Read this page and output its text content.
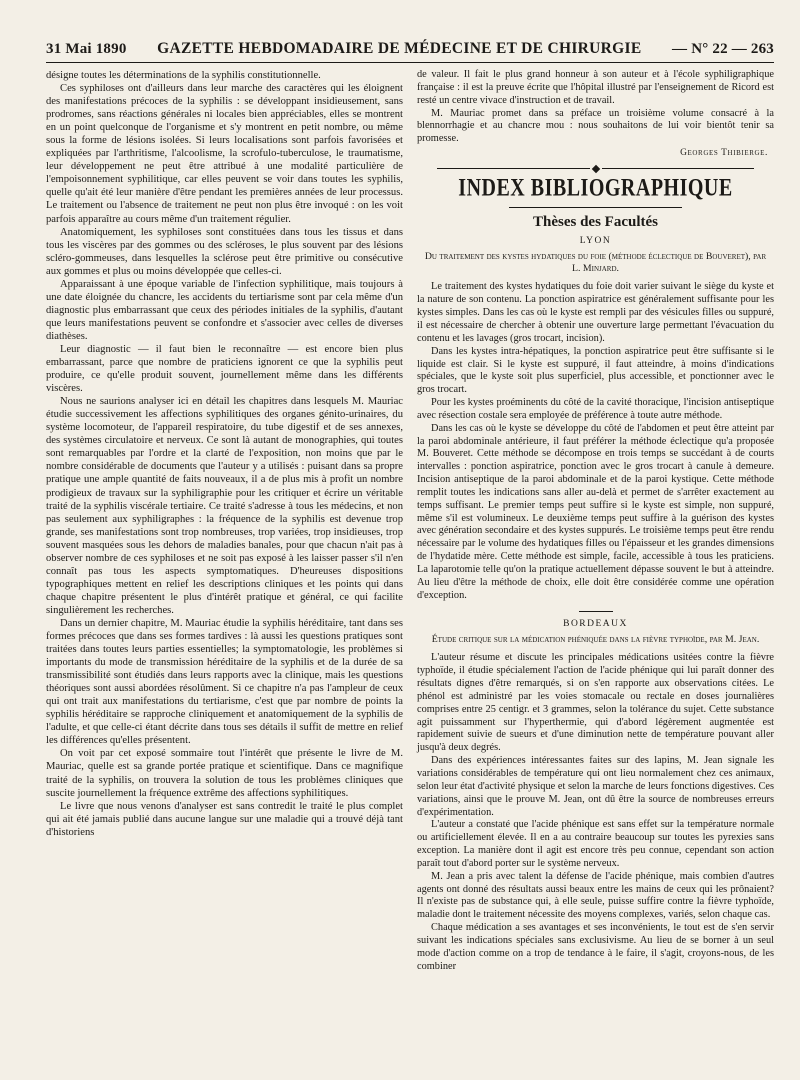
31 Mai 1890 GAZETTE HEBDOMADAIRE DE MÉDECINE ET DE CHIRURGIE — N° 22 — 263

désigne toutes les déterminations de la syphilis constitutionnelle.

Ces syphiloses ont d'ailleurs dans leur marche des caractères qui les éloignent des manifestations précoces de la syphilis : se développant insidieusement, sans prodromes, sans réactions générales ni locales bien appréciables, elles se montrent en un point quelconque de l'organisme et s'y montrent en petit nombre, ou même sous la forme de lésions isolées. Si leurs localisations sont parfois favorisées et expliquées par l'arthritisme, l'alcoolisme, la scrofulo-tuberculose, le traumatisme, leur développement ne peut être attribué à une modalité particulière de l'empoisonnement syphilitique, car elles peuvent se voir dans toutes les syphilis, quelle qu'ait été leur manière d'être pendant les premières années de leur processus. Le traitement ou l'absence de traitement ne peut non plus être invoqué : on les voit parfois apparaître au cours même d'un traitement régulier.

Anatomiquement, les syphiloses sont constituées dans tous les tissus et dans tous les viscères par des gommes ou des scléroses, le plus souvent par des lésions scléro-gommeuses, dans lesquelles la sclérose peut être primitive ou consécutive aux gommes et plus ou moins développée que celles-ci.

Apparaissant à une époque variable de l'infection syphilitique, mais toujours à une date éloignée du chancre, les accidents du tertiarisme sont par cela même d'un diagnostic plus embarrassant que ceux des périodes initiales de la syphilis, d'autant que leurs manifestations peuvent se confondre et s'associer avec celles de diverses diathèses.

Leur diagnostic — il faut bien le reconnaître — est encore bien plus embarrassant, parce que nombre de praticiens ignorent ce que la syphilis peut produire, ce qu'elle produit souvent, journellement même dans les différents viscères.

Nous ne saurions analyser ici en détail les chapitres dans lesquels M. Mauriac étudie successivement les affections syphilitiques des organes génito-urinaires, du système locomoteur, de l'appareil respiratoire, du tube digestif et de ses annexes, des systèmes circulatoire et nerveux. Ce sont là autant de monographies, qui toutes sont remarquables par l'ordre et la clarté de l'exposition, non moins que par le nombre considérable de documents que l'auteur y a utilisés : puisant dans sa propre pratique une ample quantité de faits nouveaux, il a de plus mis à profit un nombre prodigieux de travaux sur la syphiligraphie pour les critiquer et écrire un véritable traité de la syphilis viscérale tertiaire. Ce traité s'adresse à tous les médecins, et non pas seulement aux syphiligraphes : la fréquence de la syphilis est devenue trop grande, ses manifestations sont trop nombreuses, trop variées, trop insidieuses, trop souvent masquées sous les dehors de maladies banales, pour que chacun n'ait pas à observer nombre de ces syphiloses et ne soit pas exposé à les laisser passer s'il n'en connaît pas tous les aspects symptomatiques. D'heureuses dispositions typographiques mettent en relief les descriptions cliniques et les points qui dans chaque chapitre présentent le plus d'intérêt pratique et général, ce qui facilite singulièrement les recherches.

Dans un dernier chapitre, M. Mauriac étudie la syphilis héréditaire, tant dans ses formes précoces que dans ses formes tardives : là aussi les questions pratiques sont traitées dans toutes leurs parties essentielles; la symptomatologie, les problèmes si importants du mode de transmission héréditaire de la syphilis et de la durée de sa transmissibilité sont étudiés dans leurs rapports avec la clinique, mais les questions théoriques sont aussi abordées résolûment. Si ce chapitre n'a pas l'ampleur de ceux qui ont trait aux manifestations du tertiarisme, c'est que par nombre de points la syphilis héréditaire se rapproche cliniquement et anatomiquement de la syphilis de l'adulte, et que celle-ci étant décrite dans tous ses détails il suffit de mettre en relief les différences qu'elles présentent.

On voit par cet exposé sommaire tout l'intérêt que présente le livre de M. Mauriac, quelle est sa grande portée pratique et scientifique. Dans ce magnifique traité de la syphilis, on trouvera la solution de tous les problèmes cliniques que suscite journellement la fréquence extrême des affections syphilitiques.

Le livre que nous venons d'analyser est sans contredit le traité le plus complet qui ait été jamais publié dans aucune langue sur une maladie qui a trouvé déjà tant d'historiens

de valeur. Il fait le plus grand honneur à son auteur et à l'école syphiligraphique française : il est la preuve écrite que l'hôpital illustré par l'enseignement de Ricord est resté un centre vivace d'instruction et de travail.

M. Mauriac promet dans sa préface un troisième volume consacré à la blennorrhagie et au chancre mou : nous souhaitons de lui voir bientôt tenir sa promesse.

Georges Thibierge.
INDEX BIBLIOGRAPHIQUE
Thèses des Facultés
LYON
Du traitement des kystes hydatiques du foie (méthode éclectique de Bouveret), par L. Minjard.

Le traitement des kystes hydatiques du foie doit varier suivant le siège du kyste et la nature de son contenu. La ponction aspiratrice est généralement suffisante pour les kystes simples. Dans les cas où le kyste est rempli par des vésicules filles ou suppuré, il est nécessaire de chercher à obtenir une ouverture large permettant l'évacuation du contenu et les lavages (gros trocart, incision).

Dans les kystes intra-hépatiques, la ponction aspiratrice peut être suffisante si le liquide est clair. Si le kyste est suppuré, il faut atteindre, à moins d'indications spéciales, que le kyste soit plus superficiel, plus accessible, et ponctionner avec le gros trocart.

Pour les kystes proéminents du côté de la cavité thoracique, l'incision antiseptique avec résection costale sera employée de préférence à toute autre méthode.

Dans les cas où le kyste se développe du côté de l'abdomen et peut être atteint par la paroi abdominale antérieure, il faut préférer la méthode éclectique qu'a proposée M. Bouveret. Cette méthode se décompose en trois temps se succédant à de courts intervalles : ponction aspiratrice, ponction avec le gros trocart à canule à demeure. Incision antiseptique de la paroi abdominale et de la paroi kystique. Cette méthode remplit toutes les indications sans aller au-delà et permet de s'arrêter exactement au temps suffisant. Le premier temps peut suffire si le kyste est simple, non suppuré, même s'il est volumineux. Le deuxième temps peut suffire à la guérison des kystes avec génération secondaire et des kystes suppurés. Le troisième temps peut être rendu nécessaire par le volume des hydatiques filles ou l'épaisseur et les grandes dimensions de l'hydatide mère. Cette méthode est simple, facile, accessible à tous les praticiens. La laparotomie telle qu'on la pratique actuellement dépasse souvent le but à atteindre. Au lieu d'être la méthode de choix, elle doit être considérée comme une opération d'exception.

BORDEAUX
Étude critique sur la médication phéniquée dans la fièvre typhoïde, par M. Jean.

L'auteur résume et discute les principales médications usitées contre la fièvre typhoïde, il étudie spécialement l'action de l'acide phénique qui lui paraît donner des résultats dignes d'être remarqués, si on s'en rapporte aux observations citées. Le phénol est administré par les voies stomacale ou rectale en doses journalières comprises entre 25 centigr. et 3 grammes, selon la tolérance du sujet. Cette substance agit puissamment sur l'hyperthermie, qui d'abord légèrement augmentée est rapidement suivie de sueurs et d'une diminution nette de température pouvant aller jusqu'à deux degrés.

Dans des expériences intéressantes faites sur des lapins, M. Jean signale les variations considérables de température qui ont lieu normalement chez ces animaux, selon leur état d'activité physique et selon la marche de leurs fonctions digestives. Ces variations, ainsi que le prouve M. Jean, ont dû être la source de nombreuses erreurs d'expérimentation.

L'auteur a constaté que l'acide phénique est sans effet sur la température normale ou artificiellement élevée. Il en a au contraire beaucoup sur toutes les pyrexies sans exception. La manière dont il agit est encore très peu connue, cependant son action paraît tout d'abord porter sur le système nerveux.

M. Jean a pris avec talent la défense de l'acide phénique, mais combien d'autres agents ont donné des résultats aussi beaux entre les mains de ceux qui les prônaient? Il n'existe pas de substance qui, à elle seule, puisse suffire contre la fièvre typhoïde, maladie dont le traitement nécessite des moyens complexes, variés, selon chaque cas.

Chaque médication a ses avantages et ses inconvénients, le tout est de s'en servir suivant les indications spéciales sans exclusivisme. Au lieu de se borner à un seul mode d'action comme on a trop de tendance à le faire, il s'agit, croyons-nous, de les combiner
